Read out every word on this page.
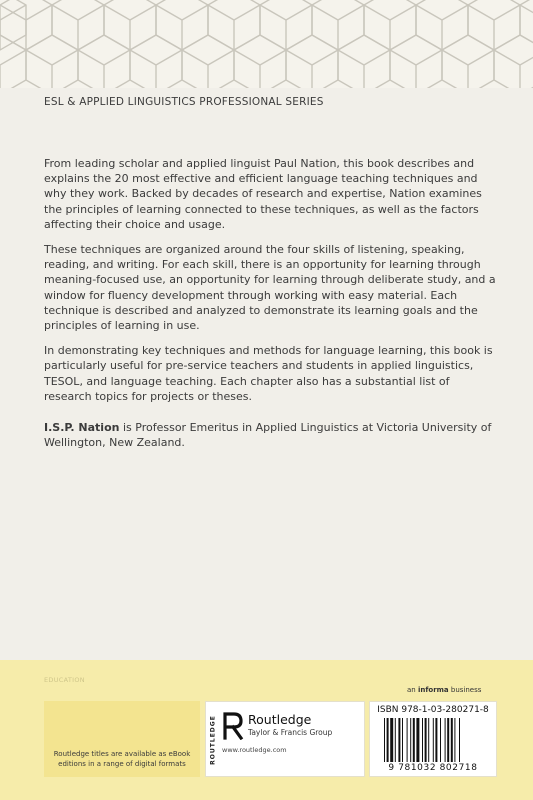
ESL & APPLIED LINGUISTICS PROFESSIONAL SERIES

From leading scholar and applied linguist Paul Nation, this book describes and explains the 20 most effective and efficient language teaching techniques and why they work. Backed by decades of research and expertise, Nation examines the principles of learning connected to these techniques, as well as the factors affecting their choice and usage.

These techniques are organized around the four skills of listening, speaking, reading, and writing. For each skill, there is an opportunity for learning through meaning-focused use, an opportunity for learning through deliberate study, and a window for fluency development through working with easy material. Each technique is described and analyzed to demonstrate its learning goals and the principles of learning in use.

In demonstrating key techniques and methods for language learning, this book is particularly useful for pre-service teachers and students in applied linguistics, TESOL, and language teaching. Each chapter also has a substantial list of research topics for projects or theses.

I.S.P. Nation is Professor Emeritus in Applied Linguistics at Victoria University of Wellington, New Zealand.
EDUCATION
an informa business
Routledge titles are available as eBook editions in a range of digital formats	ROUTLEDGE	Routledge
Taylor & Francis Group
www.routledge.com
ISBN 978-1-03-280271-8
9 781032 802718
